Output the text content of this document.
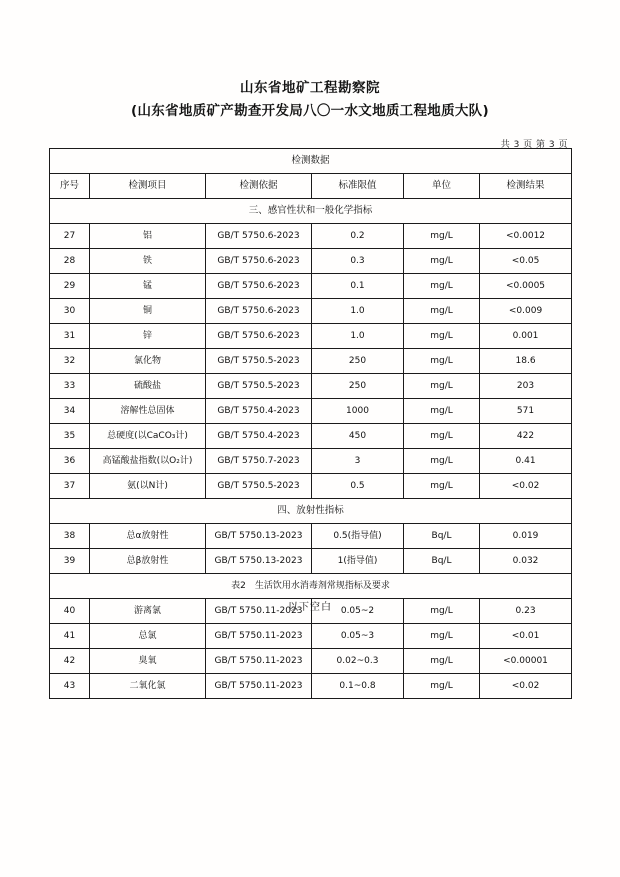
山东省地矿工程勘察院
(山东省地质矿产勘查开发局八〇一水文地质工程地质大队)
共 3 页 第 3 页
检测数据					
序号	检测项目	检测依据	标准限值	单位	检测结果
三、感官性状和一般化学指标					
27	铝	GB/T 5750.6-2023	0.2	mg/L	<0.0012
28	铁	GB/T 5750.6-2023	0.3	mg/L	<0.05
29	锰	GB/T 5750.6-2023	0.1	mg/L	<0.0005
30	铜	GB/T 5750.6-2023	1.0	mg/L	<0.009
31	锌	GB/T 5750.6-2023	1.0	mg/L	0.001
32	氯化物	GB/T 5750.5-2023	250	mg/L	18.6
33	硫酸盐	GB/T 5750.5-2023	250	mg/L	203
34	溶解性总固体	GB/T 5750.4-2023	1000	mg/L	571
35	总硬度(以CaCO₃计)	GB/T 5750.4-2023	450	mg/L	422
36	高锰酸盐指数(以O₂计)	GB/T 5750.7-2023	3	mg/L	0.41
37	氨(以N计)	GB/T 5750.5-2023	0.5	mg/L	<0.02
四、放射性指标					
38	总α放射性	GB/T 5750.13-2023	0.5(指导值)	Bq/L	0.019
39	总β放射性	GB/T 5750.13-2023	1(指导值)	Bq/L	0.032
表2　生活饮用水消毒剂常规指标及要求					
40	游离氯	GB/T 5750.11-2023	0.05~2	mg/L	0.23
41	总氯	GB/T 5750.11-2023	0.05~3	mg/L	<0.01
42	臭氧	GB/T 5750.11-2023	0.02~0.3	mg/L	<0.00001
43	二氧化氯	GB/T 5750.11-2023	0.1~0.8	mg/L	<0.02
以下空白
